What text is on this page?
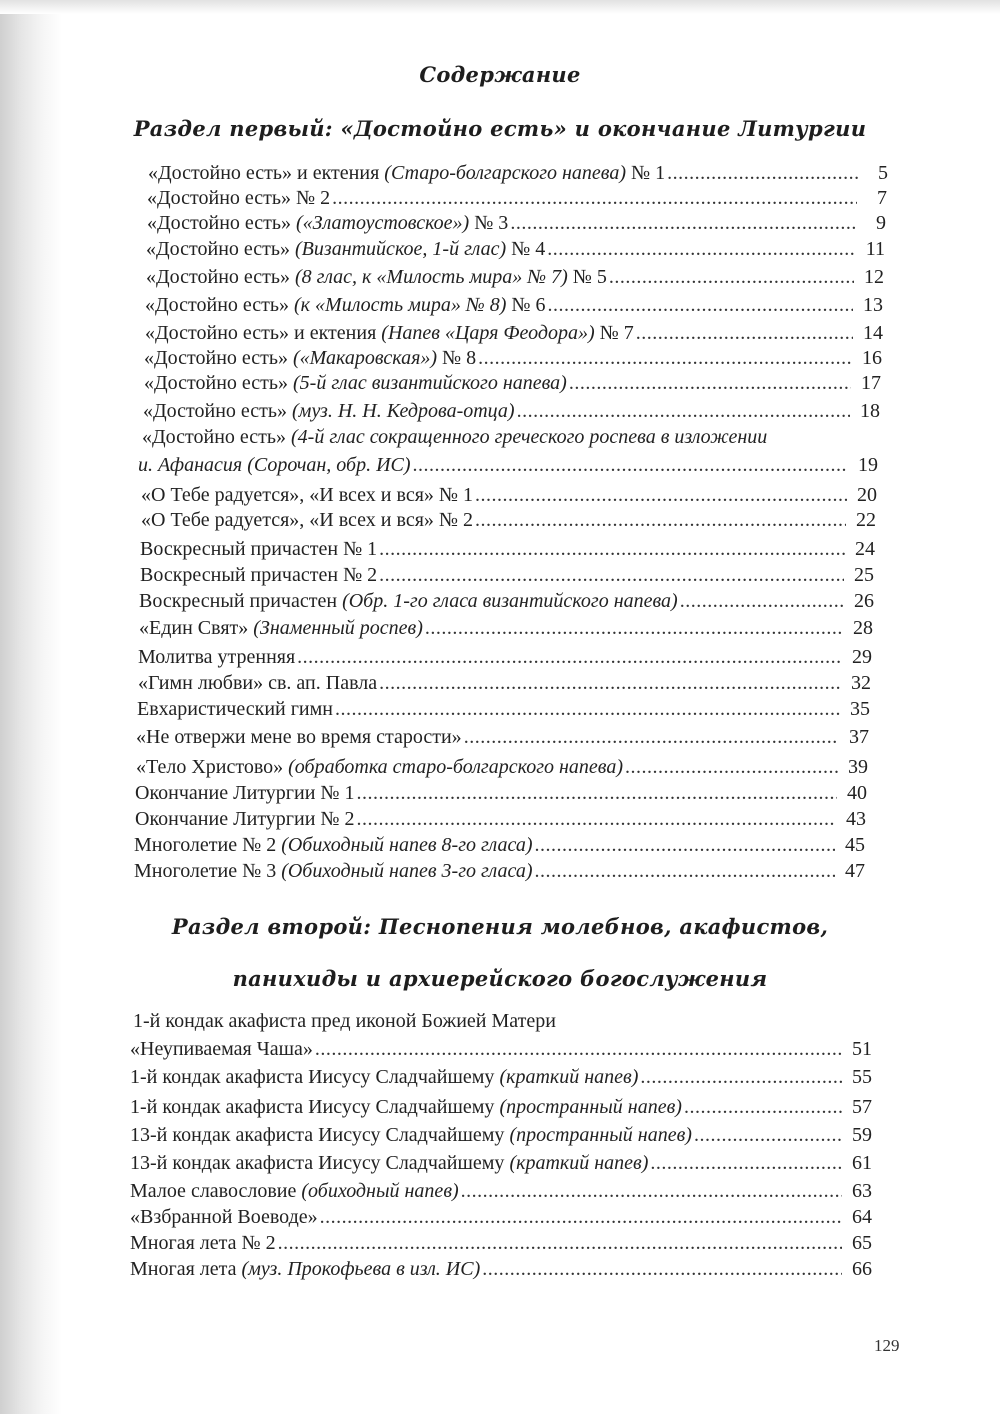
Содержание
Раздел первый: «Достойно есть» и окончание Литургии
«Достойно есть» и ектения (Старо-болгарского напева) № 1 .....	5
«Достойно есть» № 2 .....	7
«Достойно есть» («Златоустовское») № 3 .....	9
«Достойно есть» (Византийское, 1-й глас) № 4 .....	11
«Достойно есть» (8 глас, к «Милость мира» № 7) № 5 .....	12
«Достойно есть» (к «Милость мира» № 8) № 6 .....	13
«Достойно есть» и ектения (Напев «Царя Феодора») № 7 .....	14
«Достойно есть» («Макаровская») № 8 .....	16
«Достойно есть» (5-й глас византийского напева) .....	17
«Достойно есть» (муз. Н. Н. Кедрова-отца) .....	18
«Достойно есть» (4-й глас сокращенного греческого роспева в изложении
и. Афанасия (Сорочан, обр. ИС) .....	19
«О Тебе радуется», «И всех и вся» № 1 .....	20
«О Тебе радуется», «И всех и вся» № 2 .....	22
Воскресный причастен № 1 .....	24
Воскресный причастен № 2 .....	25
Воскресный причастен (Обр. 1-го гласа византийского напева) .....	26
«Един Свят» (Знаменный роспев) .....	28
Молитва утренняя .....	29
«Гимн любви» св. ап. Павла .....	32
Евхаристический гимн .....	35
«Не отвержи мене во время старости» .....	37
«Тело Христово» (обработка старо-болгарского напева) .....	39
Окончание Литургии № 1 .....	40
Окончание Литургии № 2 .....	43
Многолетие № 2 (Обиходный напев 8-го гласа) .....	45
Многолетие № 3 (Обиходный напев 3-го гласа) .....	47
Раздел второй: Песнопения молебнов, акафистов,
панихиды и архиерейского богослужения
1-й кондак акафиста пред иконой Божией Матери
«Неупиваемая Чаша» .....	51
1-й кондак акафиста Иисусу Сладчайшему (краткий напев) .....	55
1-й кондак акафиста Иисусу Сладчайшему (пространный напев) .....	57
13-й кондак акафиста Иисусу Сладчайшему (пространный напев) .....	59
13-й кондак акафиста Иисусу Сладчайшему (краткий напев) .....	61
Малое славословие (обиходный напев) .....	63
«Взбранной Воеводе» .....	64
Многая лета № 2 .....	65
Многая лета (муз. Прокофьева в изл. ИС) .....	66
129
